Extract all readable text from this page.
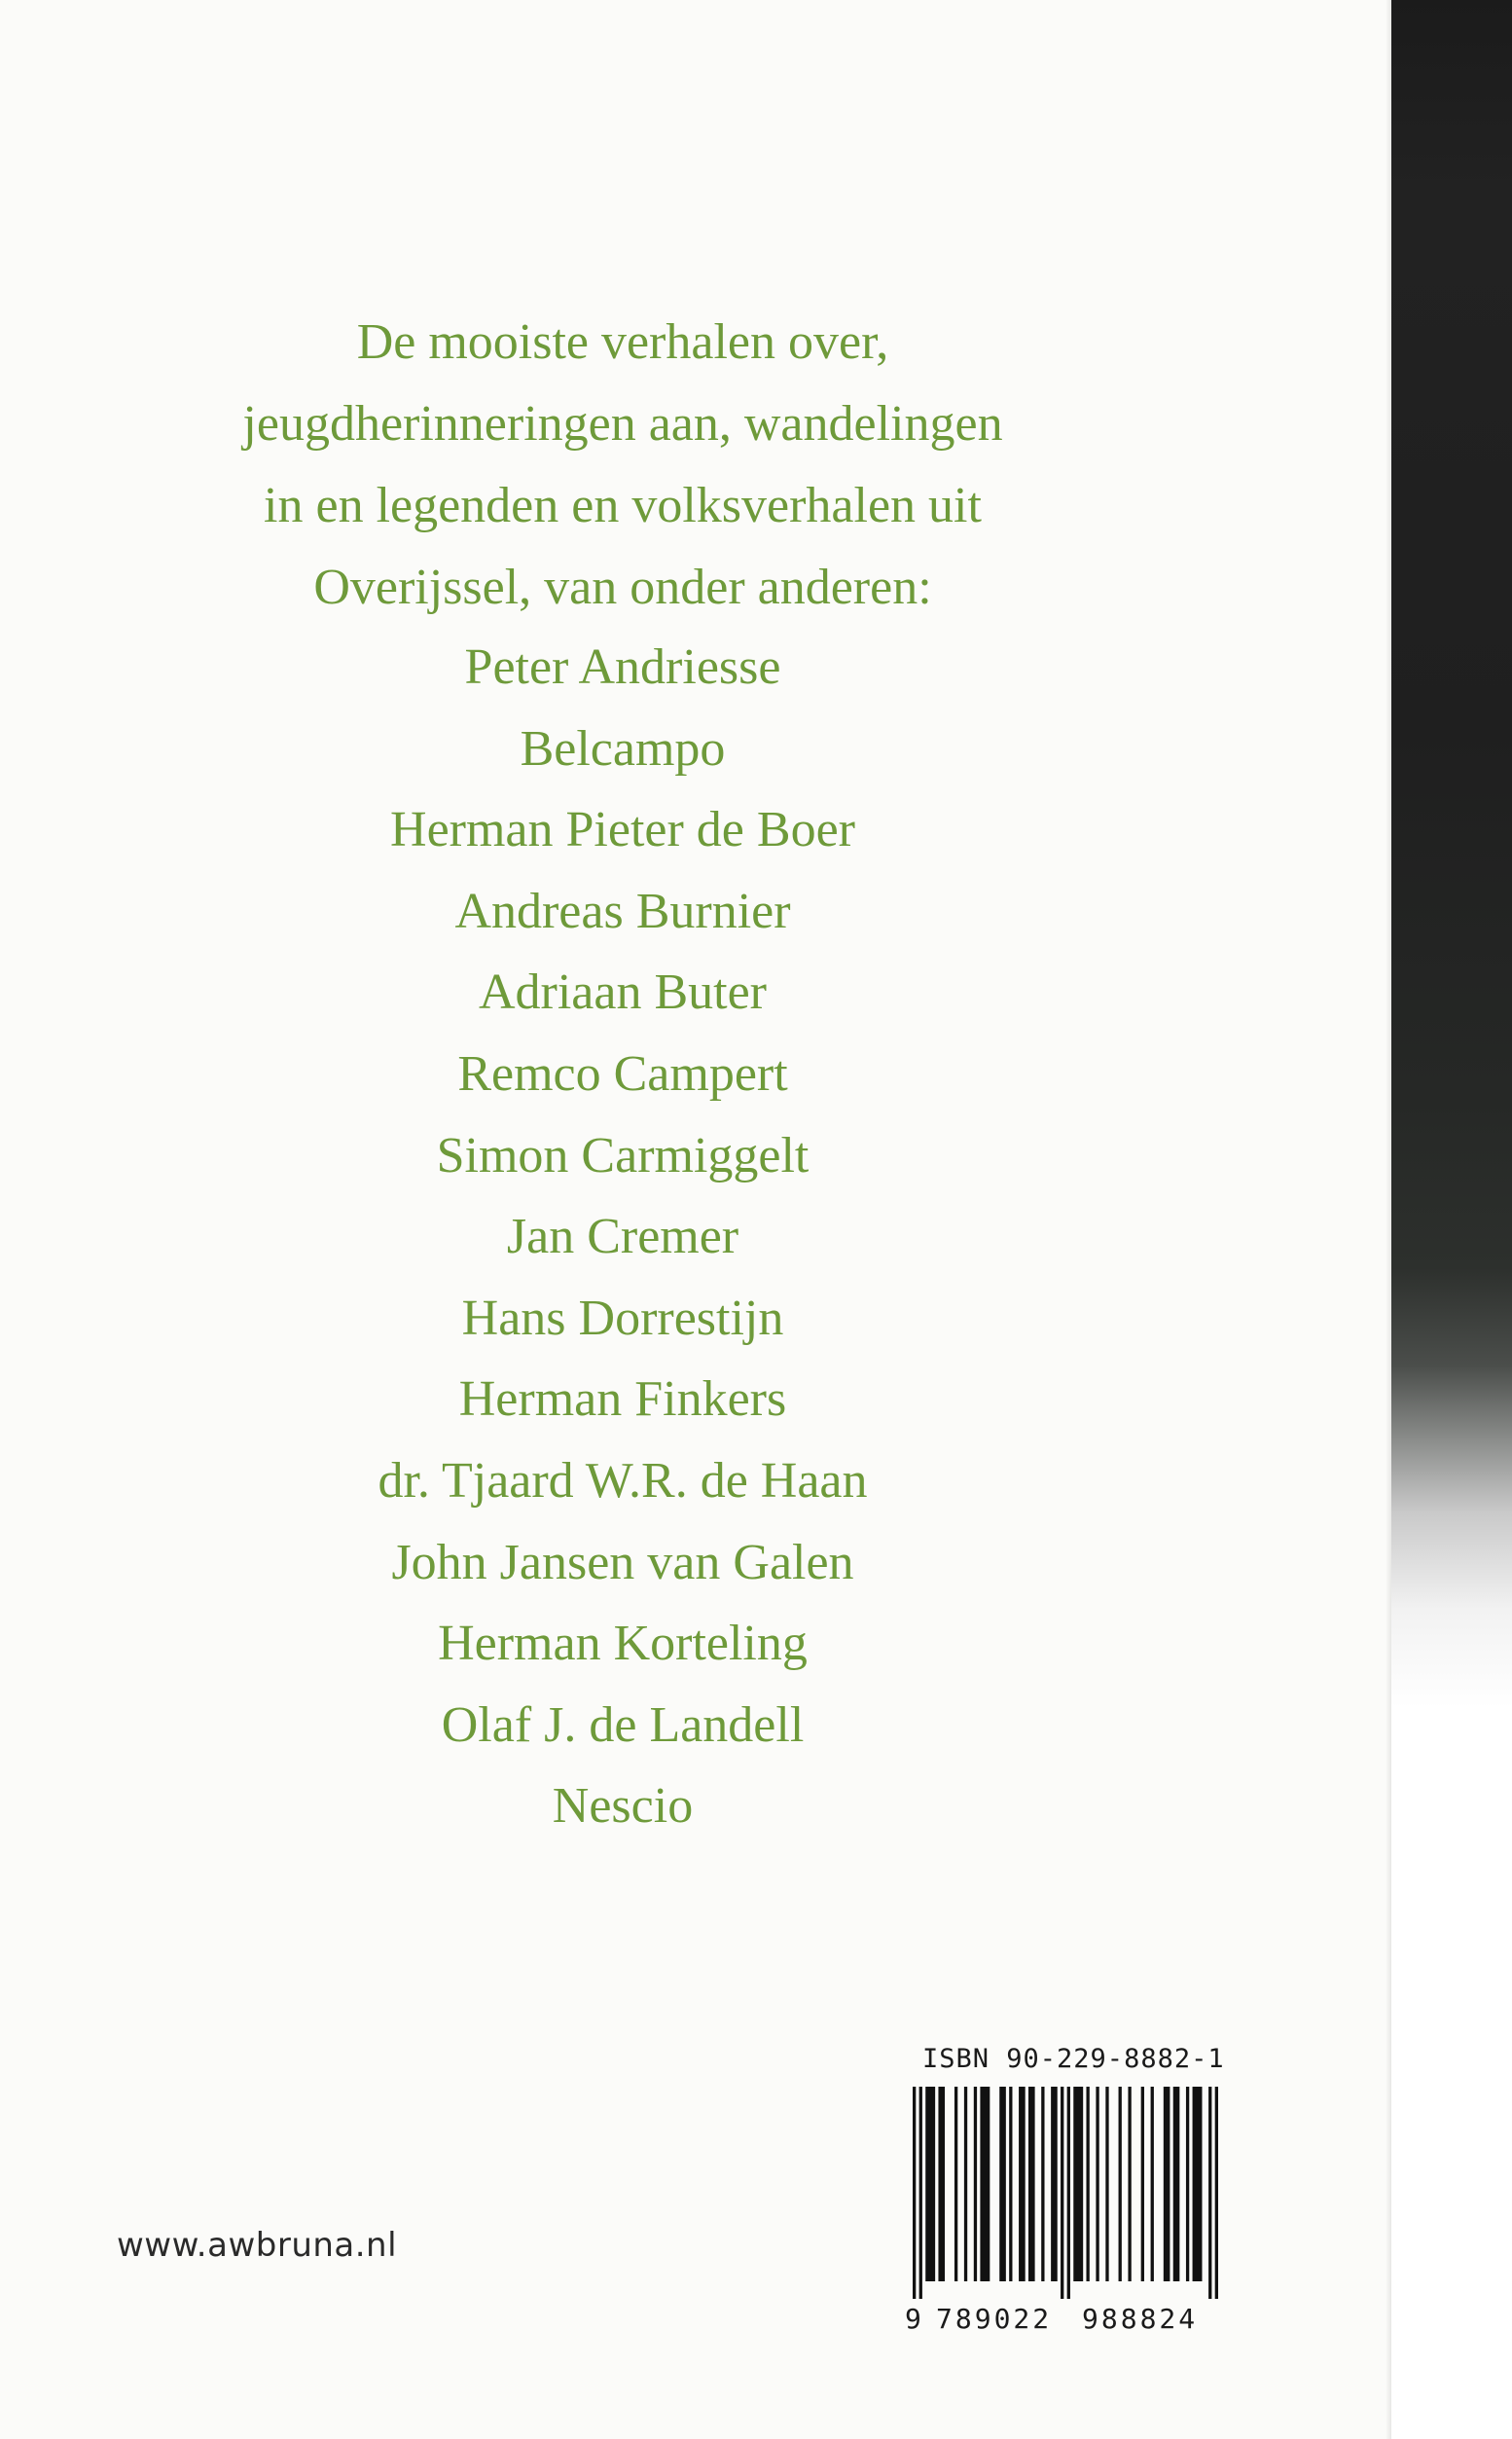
De mooiste verhalen over,
jeugdherinneringen aan, wandelingen
in en legenden en volksverhalen uit
Overijssel, van onder anderen:
Peter Andriesse
Belcampo
Herman Pieter de Boer
Andreas Burnier
Adriaan Buter
Remco Campert
Simon Carmiggelt
Jan Cremer
Hans Dorrestijn
Herman Finkers
dr. Tjaard W.R. de Haan
John Jansen van Galen
Herman Korteling
Olaf J. de Landell
Nescio
www.awbruna.nl
ISBN 90-229-8882-1
9 789022 988824
